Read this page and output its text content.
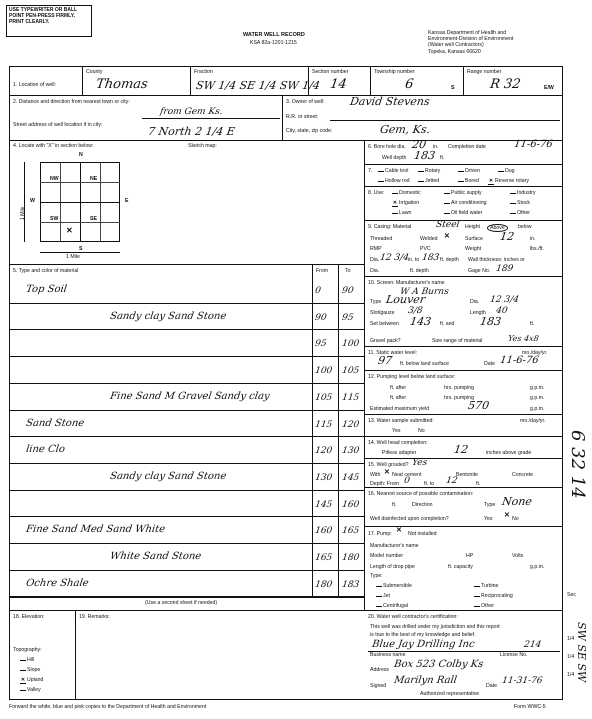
USE TYPEWRITER OR BALL
POINT PEN-PRESS FIRMLY,
PRINT CLEARLY.
WATER WELL RECORD
KSA 82a-1201-1215
Kansas Department of Health and
Environment-Division of Environment
(Water well Contractors)
Topeka, Kansas 66620
1. Location of well:
County
Thomas
Fraction
SW 1/4 SE 1/4 SW 1/4
Section number
14
Township number
6	S
Range number
R 32	E/W
2. Distance and direction from nearest town or city:
from Gem Ks.
Street address of well location if in city:	7 North 2 1/4 E
3. Owner of well: David Stevens
R.R. or street:
City, state, zip code:	Gem, Ks.
4. Locate with "X" in section below:	Sketch map:
NW	NE
SW	SE
✕
N
S
W	E
1 Mile
1 Mile
5. Type and color of material	From	To
Top Soil	0 90
Sandy clay Sand Stone	90 95
95 100
100 105
Fine Sand M Gravel Sandy clay	105 115
Sand Stone	115 120
line Clo	120 130
Sandy clay Sand Stone	130 145
145 160
Fine Sand Med Sand White	160 165
White Sand Stone	165 180
Ochre Shale	180 183
(Use a second sheet if needed)
6. Bore hole dia. 20 in. Completion date	11-6-76
Well depth 183 ft.
7.	Cable tool	Rotary	Driven	Dug
Hollow rod	Jetted	Bored ✕ Reverse rotary
8. Use:	Domestic	Public supply	Industry
✕ Irrigation	Air conditioning	Stock
Lawn	Oil field water	Other
9. Casing: Material	Steel Height	Above	below
Threaded	Welded ✕	Surface 12	in.
RMP	PVC	Weight	lbs./ft.
Dia. 12 3/4
in. to 183 ft. depth Wall thickness: inches or
Dia.	ft. depth	Gage No. 189
10. Screen: Manufacturer's name
W A Burns
Type Louver	Dia. 12 3/4
Slot/gauze 3/8	Length 40
Set between 143 ft. and 183	ft.
Gravel pack?	Size range of material	Yes 4x8
11. Static water level:	mo./day/yr.
97 ft. below land surface	Date 11-6-76
12. Pumping level below land surface:
ft. after	hrs. pumping	g.p.m.
ft. after	hrs. pumping	g.p.m.
Estimated maximum yield	570	g.p.m.
13. Water sample submitted:	mo./day/yr.
Yes	No
14. Well head completion:
Pitless adapter	12	inches above grade
15. Well grouted? Yes
With ✕ Neat cement	Bentonite	Concrete
Depth: From 0	ft. to 12	ft.
16. Nearest source of possible contamination:
ft.	Direction	Type None
Well disinfected upon completion?	Yes	No
✕
17. Pump: ✕ Not installed
Manufacturer's name
Model number	HP	Volts
Length of drop pipe	ft. capacity	g.p.m.
Type:
Submersible	Turbine
Jet	Reciprocating
Centrifugal	Other
18. Elevation:
Topography:
Hill
Slope
✕ Upland
Valley
19. Remarks:	20. Water well contractor's certification:
This well was drilled under my jurisdiction and this report
is true to the best of my knowledge and belief.
Blue Jay Drilling Inc	214
Business name	License No.
Address Box 523 Colby Ks
Signed Marilyn Rall	Date 11-31-76
Authorized representative
Forward the white, blue and pink copies to the Department of Health and Environment	Form WWC-5
6 32 14
SW SE SW
1/4
1/4
1/4
Sec
